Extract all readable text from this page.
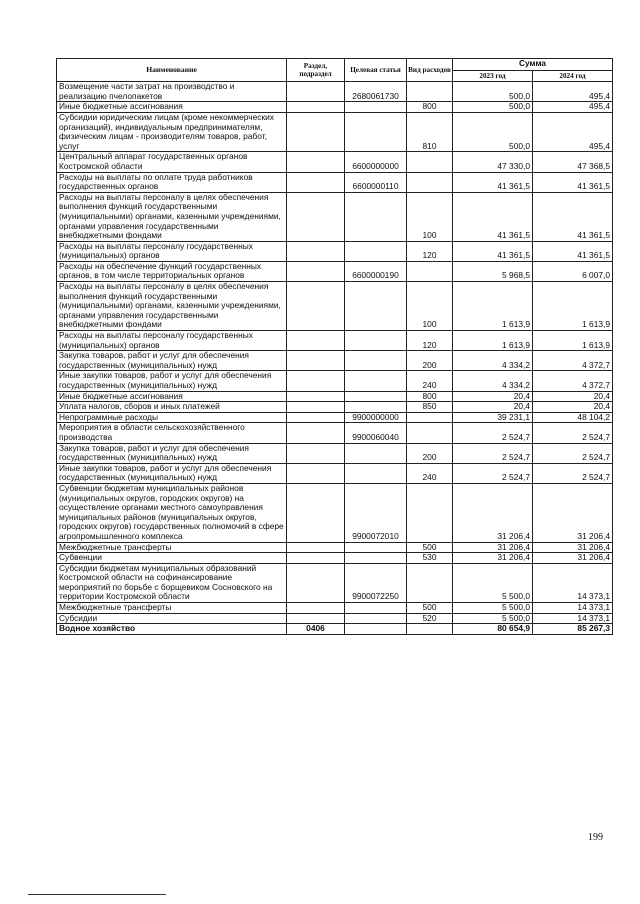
Наименование	Раздел, подраздел	Целевая статья	Вид расходов	Сумма	
				2023 год	2024 год
Возмещение части затрат на производство и реализацию пчелопакетов		2680061730		500,0	495,4
Иные бюджетные ассигнования			800	500,0	495,4
Субсидии юридическим лицам (кроме некоммерческих организаций), индивидуальным предпринимателям, физическим лицам - производителям товаров, работ, услуг			810	500,0	495,4
Центральный аппарат государственных органов Костромской области		6600000000		47 330,0	47 368,5
Расходы на выплаты по оплате труда работников государственных органов		6600000110		41 361,5	41 361,5
Расходы на выплаты персоналу в целях обеспечения выполнения функций государственными (муниципальными) органами, казенными учреждениями, органами управления государственными внебюджетными фондами			100	41 361,5	41 361,5
Расходы на выплаты персоналу государственных (муниципальных) органов			120	41 361,5	41 361,5
Расходы на обеспечение функций государственных органов, в том числе территориальных органов		6600000190		5 968,5	6 007,0
Расходы на выплаты персоналу в целях обеспечения выполнения функций государственными (муниципальными) органами, казенными учреждениями, органами управления государственными внебюджетными фондами			100	1 613,9	1 613,9
Расходы на выплаты персоналу государственных (муниципальных) органов			120	1 613,9	1 613,9
Закупка товаров, работ и услуг для обеспечения государственных (муниципальных) нужд			200	4 334,2	4 372,7
Иные закупки товаров, работ и услуг для обеспечения государственных (муниципальных) нужд			240	4 334,2	4 372,7
Иные бюджетные ассигнования			800	20,4	20,4
Уплата налогов, сборов и иных платежей			850	20,4	20,4
Непрограммные расходы		9900000000		39 231,1	48 104,2
Мероприятия в области сельскохозяйственного производства		9900060040		2 524,7	2 524,7
Закупка товаров, работ и услуг для обеспечения государственных (муниципальных) нужд			200	2 524,7	2 524,7
Иные закупки товаров, работ и услуг для обеспечения государственных (муниципальных) нужд			240	2 524,7	2 524,7
Субвенции бюджетам муниципальных районов (муниципальных округов, городских округов) на осуществление органами местного самоуправления муниципальных районов (муниципальных округов, городских округов) государственных полномочий в сфере агропромышленного комплекса		9900072010		31 206,4	31 206,4
Межбюджетные трансферты			500	31 206,4	31 206,4
Субвенции			530	31 206,4	31 206,4
Субсидии бюджетам муниципальных образований Костромской области на софинансирование мероприятий по борьбе с борщевиком Сосновского на территории Костромской области		9900072250		5 500,0	14 373,1
Межбюджетные трансферты			500	5 500,0	14 373,1
Субсидии			520	5 500,0	14 373,1
Водное хозяйство	0406			80 654,9	85 267,3
199
